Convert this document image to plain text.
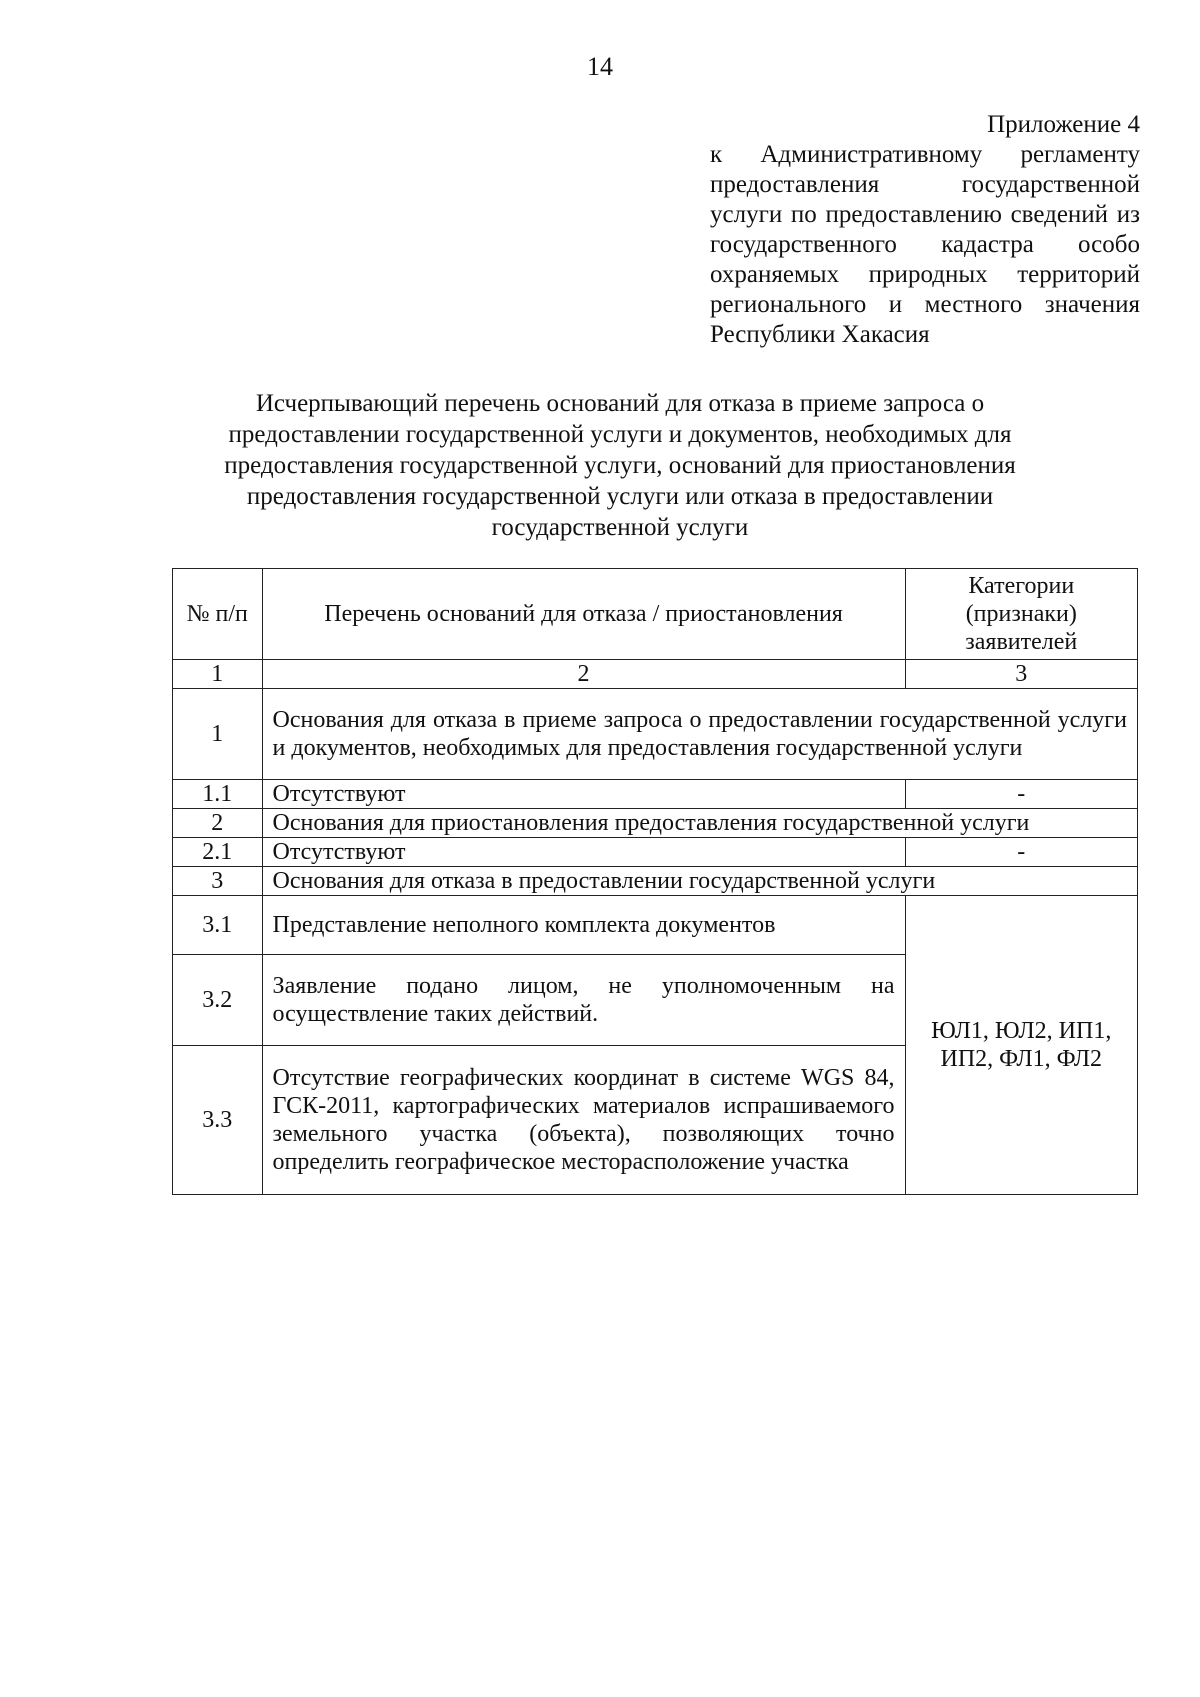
14
Приложение 4
к Административному регламенту предоставления государственной услуги по предоставлению сведений из государственного кадастра особо охраняемых природных территорий регионального и местного значения Республики Хакасия
Исчерпывающий перечень оснований для отказа в приеме запроса о предоставлении государственной услуги и документов, необходимых для предоставления государственной услуги, оснований для приостановления предоставления государственной услуги или отказа в предоставлении государственной услуги
№ п/п	Перечень оснований для отказа / приостановления	Категории (признаки) заявителей
1	2	3
1	Основания для отказа в приеме запроса о предоставлении государственной услуги и документов, необходимых для предоставления государственной услуги	
1.1	Отсутствуют	-
2	Основания для приостановления предоставления государственной услуги	
2.1	Отсутствуют	-
3	Основания для отказа в предоставлении государственной услуги	
3.1	Представление неполного комплекта документов	ЮЛ1, ЮЛ2, ИП1, ИП2, ФЛ1, ФЛ2
3.2	Заявление подано лицом, не уполномоченным на осуществление таких действий.	
3.3	Отсутствие географических координат в системе WGS 84, ГСК-2011, картографических материалов испрашиваемого земельного участка (объекта), позволяющих точно определить географическое месторасположение участка	
